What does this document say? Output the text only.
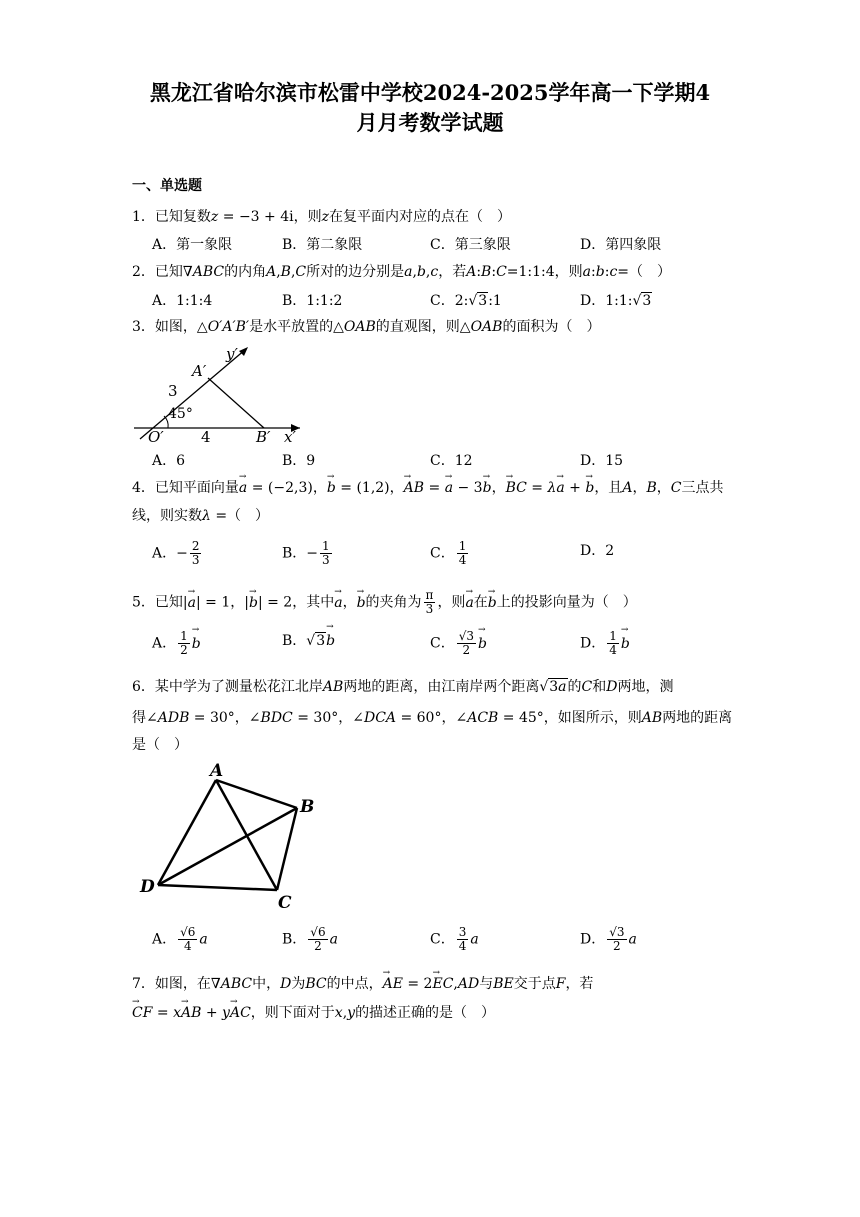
黑龙江省哈尔滨市松雷中学校2024-2025学年高一下学期4
月月考数学试题
一、单选题
1．已知复数z = −3 + 4i，则z在复平面内对应的点在（　）
A．第一象限	B．第二象限	C．第三象限	D．第四象限
2．已知∇ABC的内角A,B,C所对的边分别是a,b,c，若A:B:C=1:1:4，则a:b:c=（　）
A．1:1:4	B．1:1:2	C．2:√3:1	D．1:1:√3
3．如图，△O′A′B′是水平放置的△OAB的直观图，则△OAB的面积为（　）
A′
y′
3
45°
O′ 4	B′ x′
A．6	B．9	C．12	D．15
4．已知平面向量→ a = (−2,3)，→ b = (1,2)，→ AB = → a − 3→ b，→ BC = λ→ a + → b，且A，B，C三点共
线，则实数λ =（　）
A．− $\frac{2}{3}$	B．− $\frac{1}{3}$	C． $\frac{1}{4}$	D．2
5．已知|→ a| = 1，|→ b| = 2，其中→ a，→ b的夹角为 $\frac{\pi}{3}$ ，则→ a在→ b上的投影向量为（　）
A． $\frac{1}{2}$
→ b	B．√3→ b	C． $\frac{√3}{2}$
→ b	D． $\frac{1}{4}$
→ b
6．某中学为了测量松花江北岸AB两地的距离，由江南岸两个距离√3a的C和D两地，测
得∠ADB = 30°，∠BDC = 30°，∠DCA = 60°，∠ACB = 45°，如图所示，则AB两地的距离
是（　）
A
B
C
D
A． $\frac{√6}{4}$ a	B． $\frac{√6}{2}$ a	C． $\frac{3}{4}$ a	D． $\frac{√3}{2}$ a
7．如图，在∇ABC中，D为BC的中点，→ AE = 2→ EC,AD与BE交于点F，若
→ CF = x→ AB + y→ AC，则下面对于x,y的描述正确的是（　）
